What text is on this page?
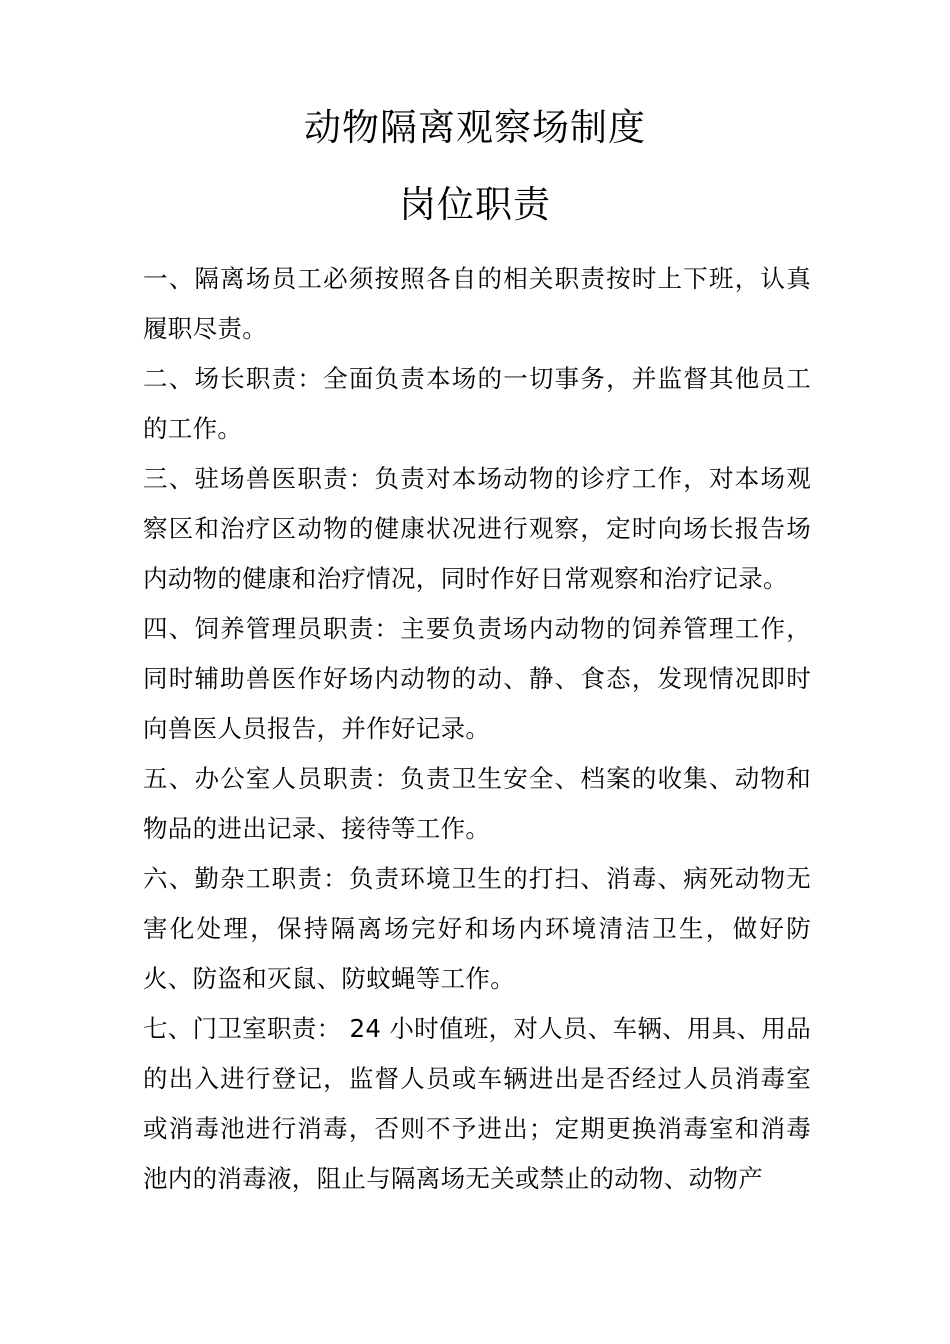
动物隔离观察场制度
岗位职责

一、隔离场员工必须按照各自的相关职责按时上下班，认真履职尽责。

二、场长职责：全面负责本场的一切事务，并监督其他员工的工作。

三、驻场兽医职责：负责对本场动物的诊疗工作，对本场观察区和治疗区动物的健康状况进行观察，定时向场长报告场内动物的健康和治疗情况，同时作好日常观察和治疗记录。

四、饲养管理员职责：主要负责场内动物的饲养管理工作，同时辅助兽医作好场内动物的动、静、食态，发现情况即时向兽医人员报告，并作好记录。

五、办公室人员职责：负责卫生安全、档案的收集、动物和物品的进出记录、接待等工作。

六、勤杂工职责：负责环境卫生的打扫、消毒、病死动物无害化处理，保持隔离场完好和场内环境清洁卫生，做好防火、防盗和灭鼠、防蚊蝇等工作。

七、门卫室职责： 24 小时值班，对人员、车辆、用具、用品的出入进行登记，监督人员或车辆进出是否经过人员消毒室或消毒池进行消毒，否则不予进出；定期更换消毒室和消毒池内的消毒液，阻止与隔离场无关或禁止的动物、动物产
